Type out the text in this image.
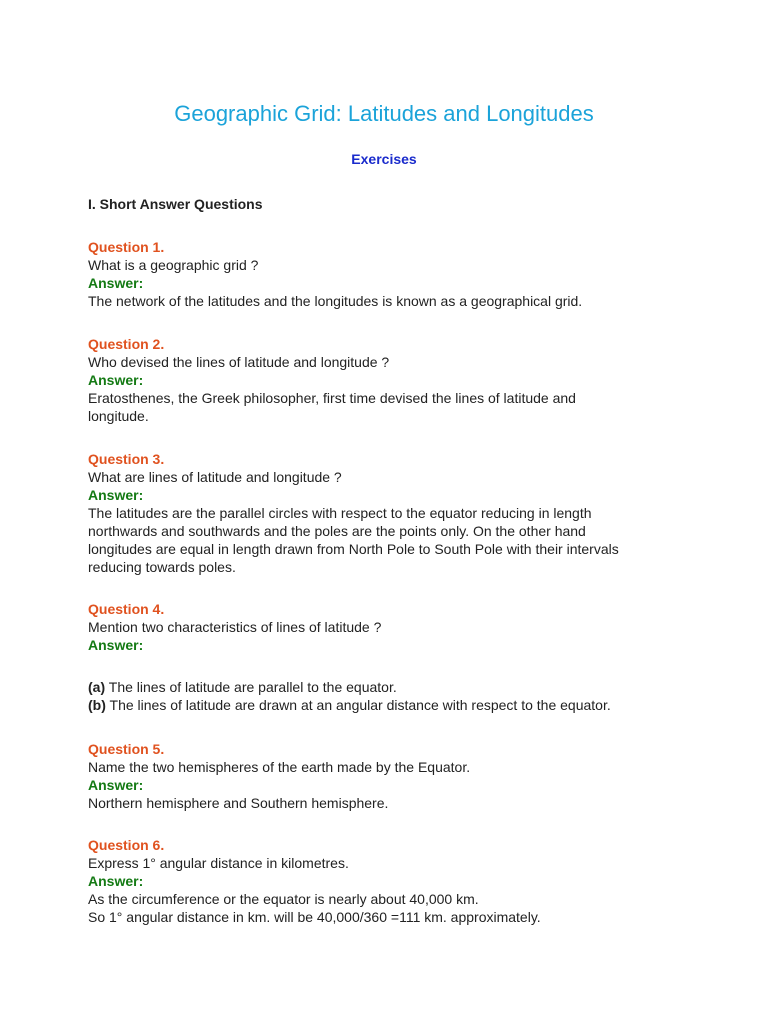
Geographic Grid: Latitudes and Longitudes
Exercises
I. Short Answer Questions
Question 1.
What is a geographic grid ?
Answer:
The network of the latitudes and the longitudes is known as a geographical grid.
Question 2.
Who devised the lines of latitude and longitude ?
Answer:
Eratosthenes, the Greek philosopher, first time devised the lines of latitude and
longitude.
Question 3.
What are lines of latitude and longitude ?
Answer:
The latitudes are the parallel circles with respect to the equator reducing in length
northwards and southwards and the poles are the points only. On the other hand
longitudes are equal in length drawn from North Pole to South Pole with their intervals
reducing towards poles.
Question 4.
Mention two characteristics of lines of latitude ?
Answer:
(a) The lines of latitude are parallel to the equator.
(b) The lines of latitude are drawn at an angular distance with respect to the equator.
Question 5.
Name the two hemispheres of the earth made by the Equator.
Answer:
Northern hemisphere and Southern hemisphere.
Question 6.
Express 1° angular distance in kilometres.
Answer:
As the circumference or the equator is nearly about 40,000 km.
So 1° angular distance in km. will be 40,000/360 =111 km. approximately.
